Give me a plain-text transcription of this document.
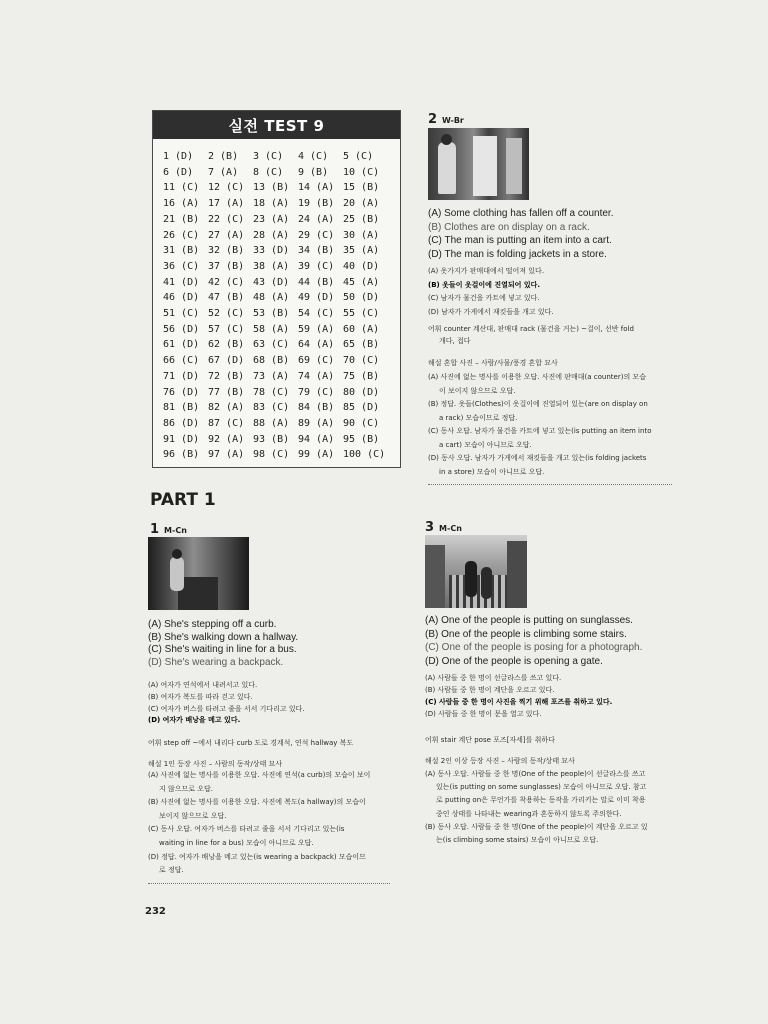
실전 TEST 9
1 (D)	2 (B)	3 (C)	4 (C)	5 (C)
6 (D)	7 (A)	8 (C)	9 (B)	10 (C)
11 (C) 12 (C) 13 (B) 14 (A) 15 (B)
16 (A) 17 (A) 18 (A) 19 (B) 20 (A)
21 (B) 22 (C) 23 (A) 24 (A) 25 (B)
26 (C) 27 (A) 28 (A) 29 (C) 30 (A)
31 (B) 32 (B) 33 (D) 34 (B) 35 (A)
36 (C) 37 (B) 38 (A) 39 (C) 40 (D)
41 (D) 42 (C) 43 (D) 44 (B) 45 (A)
46 (D) 47 (B) 48 (A) 49 (D) 50 (D)
51 (C) 52 (C) 53 (B) 54 (C) 55 (C)
56 (D) 57 (C) 58 (A) 59 (A) 60 (A)
61 (D) 62 (B) 63 (C) 64 (A) 65 (B)
66 (C) 67 (D) 68 (B) 69 (C) 70 (C)
71 (D) 72 (B) 73 (A) 74 (A) 75 (B)
76 (D) 77 (B) 78 (C) 79 (C) 80 (D)
81 (B) 82 (A) 83 (C) 84 (B) 85 (D)
86 (D) 87 (C) 88 (A) 89 (A) 90 (C)
91 (D) 92 (A) 93 (B) 94 (A) 95 (B)
96 (B) 97 (A) 98 (C) 99 (A) 100 (C)
2 W-Br
(A) Some clothing has fallen off a counter.
(B) Clothes are on display on a rack.
(C) The man is putting an item into a cart.
(D) The man is folding jackets in a store.
(A) 옷가지가 판매대에서 떨어져 있다.
(B) 옷들이 옷걸이에 진열되어 있다.
(C) 남자가 물건을 카트에 넣고 있다.
(D) 남자가 가게에서 재킷들을 개고 있다.
어휘 counter 계산대, 판매대 rack (물건을 거는) ~걸이, 선반 fold
개다, 접다
해설 혼합 사진 – 사람/사물/풍경 혼합 묘사
(A) 사진에 없는 명사를 이용한 오답. 사진에 판매대(a counter)의 모습
이 보이지 않으므로 오답.
(B) 정답. 옷들(Clothes)이 옷걸이에 진열되어 있는(are on display on
a rack) 모습이므로 정답.
(C) 동사 오답. 남자가 물건을 카트에 넣고 있는(is putting an item into
a cart) 모습이 아니므로 오답.
(D) 동사 오답. 남자가 가게에서 재킷들을 개고 있는(is folding jackets
in a store) 모습이 아니므로 오답.
PART 1
1 M-Cn
(A) She's stepping off a curb.
(B) She's walking down a hallway.
(C) She's waiting in line for a bus.
(D) She's wearing a backpack.
(A) 여자가 연석에서 내려서고 있다.
(B) 여자가 복도를 따라 걷고 있다.
(C) 여자가 버스를 타려고 줄을 서서 기다리고 있다.
(D) 여자가 배낭을 메고 있다.
어휘 step off ~에서 내리다 curb 도로 경계석, 연석 hallway 복도
해설 1인 등장 사진 – 사람의 동작/상태 묘사
(A) 사진에 없는 명사를 이용한 오답. 사진에 연석(a curb)의 모습이 보이
지 않으므로 오답.
(B) 사진에 없는 명사를 이용한 오답. 사진에 복도(a hallway)의 모습이
보이지 않으므로 오답.
(C) 동사 오답. 여자가 버스를 타려고 줄을 서서 기다리고 있는(is
waiting in line for a bus) 모습이 아니므로 오답.
(D) 정답. 여자가 배낭을 메고 있는(is wearing a backpack) 모습이므
로 정답.
3 M-Cn
(A) One of the people is putting on sunglasses.
(B) One of the people is climbing some stairs.
(C) One of the people is posing for a photograph.
(D) One of the people is opening a gate.
(A) 사람들 중 한 명이 선글라스를 쓰고 있다.
(B) 사람들 중 한 명이 계단을 오르고 있다.
(C) 사람들 중 한 명이 사진을 찍기 위해 포즈를 취하고 있다.
(D) 사람들 중 한 명이 문을 열고 있다.
어휘 stair 계단 pose 포즈[자세]를 취하다
해설 2인 이상 등장 사진 – 사람의 동작/상태 묘사
(A) 동사 오답. 사람들 중 한 명(One of the people)이 선글라스를 쓰고
있는(is putting on some sunglasses) 모습이 아니므로 오답. 참고
로 putting on은 무언가를 착용하는 동작을 가리키는 말로 이미 착용
중인 상태를 나타내는 wearing과 혼동하지 않도록 주의한다.
(B) 동사 오답. 사람들 중 한 명(One of the people)이 계단을 오르고 있
는(is climbing some stairs) 모습이 아니므로 오답.
232
